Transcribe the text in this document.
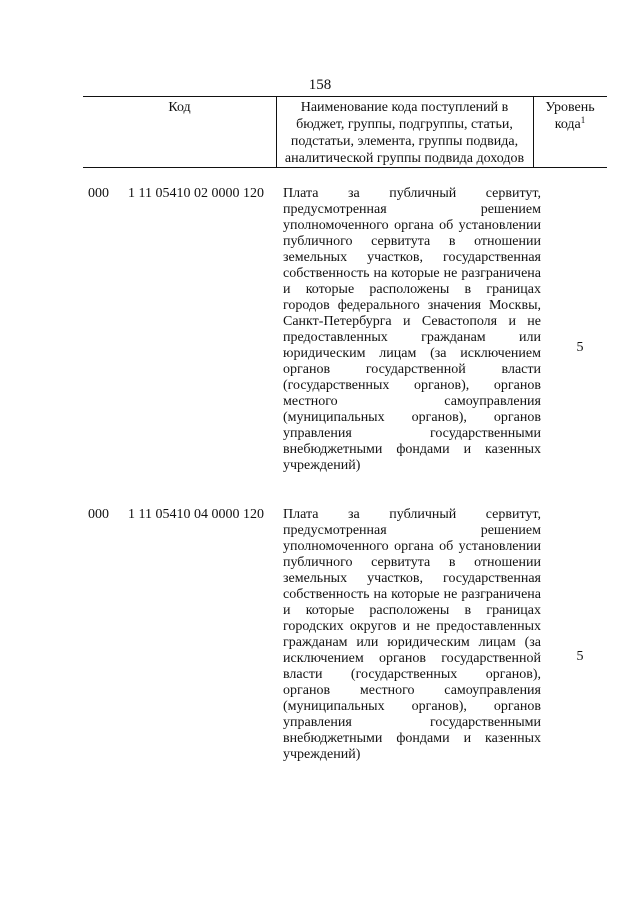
158
Код	Наименование кода поступлений в
бюджет, группы, подгруппы, статьи,
подстатьи, элемента, группы подвида,
аналитической группы подвида доходов
Уровень
кода$^1$
000 1 11 05410 02 0000 120 Плата за публичный сервитут, предусмотренная решением уполномоченного органа об установлении публичного сервитута в отношении земельных участков, государственная собственность на которые не разграничена и которые расположены в границах городов федерального значения Москвы, Санкт-Петербурга и Севастополя и не предоставленных гражданам или юридическим лицам (за исключением органов государственной власти (государственных органов), органов местного самоуправления (муниципальных органов), органов управления государственными внебюджетными фондами и казенных учреждений)
5
000 1 11 05410 04 0000 120 Плата за публичный сервитут, предусмотренная решением уполномоченного органа об установлении публичного сервитута в отношении земельных участков, государственная собственность на которые не разграничена и которые расположены в границах городских округов и не предоставленных гражданам или юридическим лицам (за исключением органов государственной власти (государственных органов), органов местного самоуправления (муниципальных органов), органов управления государственными внебюджетными фондами и казенных учреждений)
5
